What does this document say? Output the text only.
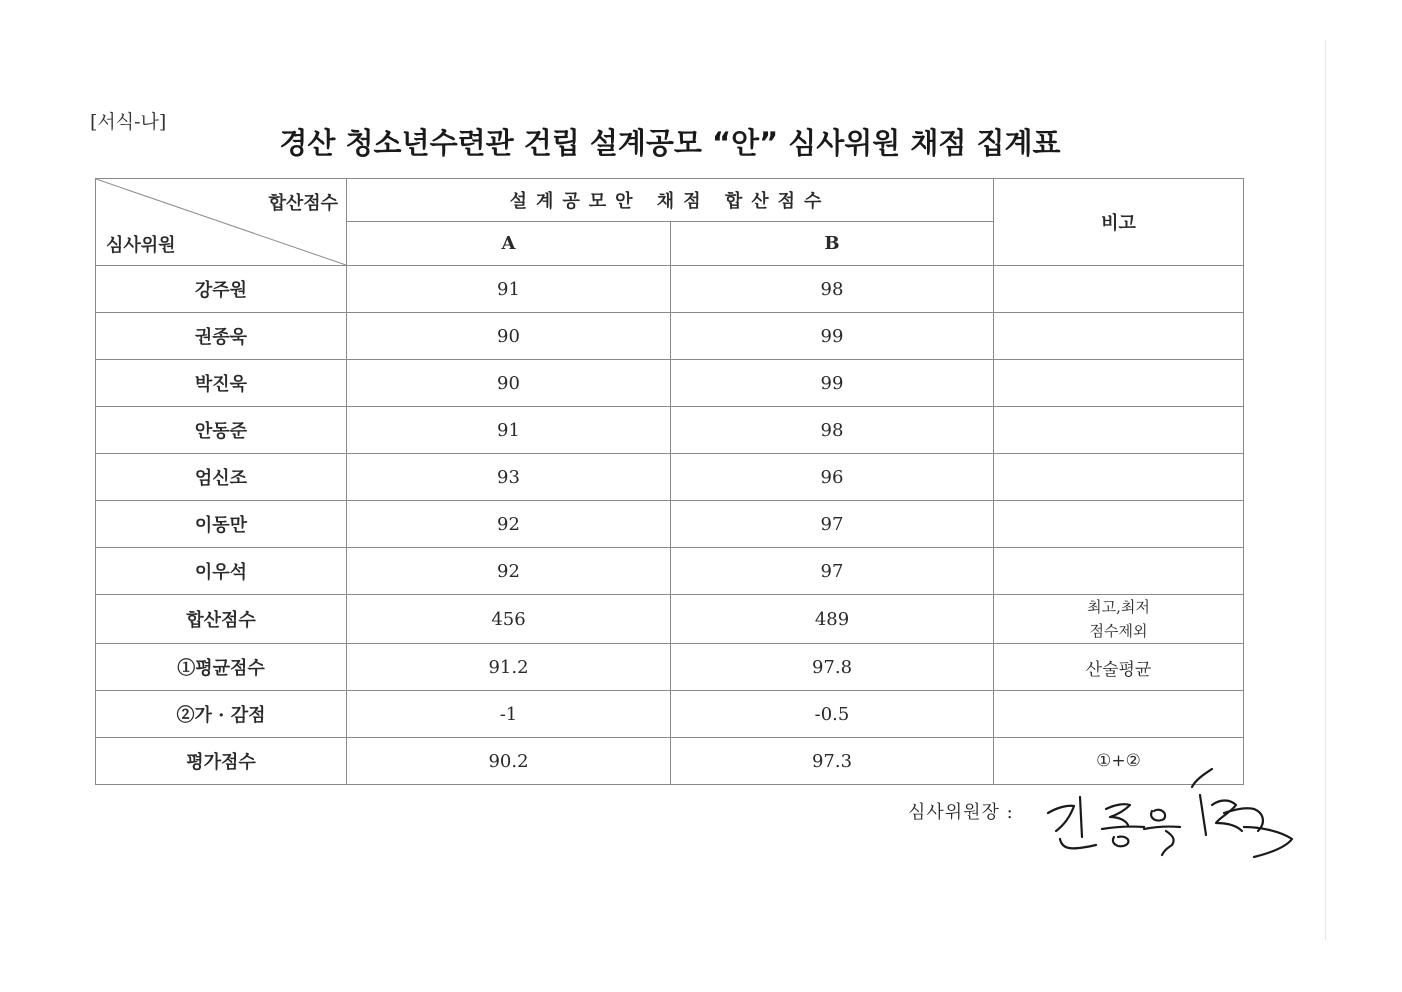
[서식-나]
경산 청소년수련관 건립 설계공모 “안” 심사위원 채점 집계표
합산점수
심사위원	설계공모안 채점 합산점수		비고
	A	B	
강주원	91	98	
권종욱	90	99	
박진욱	90	99	
안동준	91	98	
엄신조	93	96	
이동만	92	97	
이우석	92	97	
합산점수	456	489	최고,최저
점수제외

①평균점수	91.2	97.8	산술평균
②가 · 감점	-1	-0.5	
평가점수	90.2	97.3	①+②
심사위원장 :
